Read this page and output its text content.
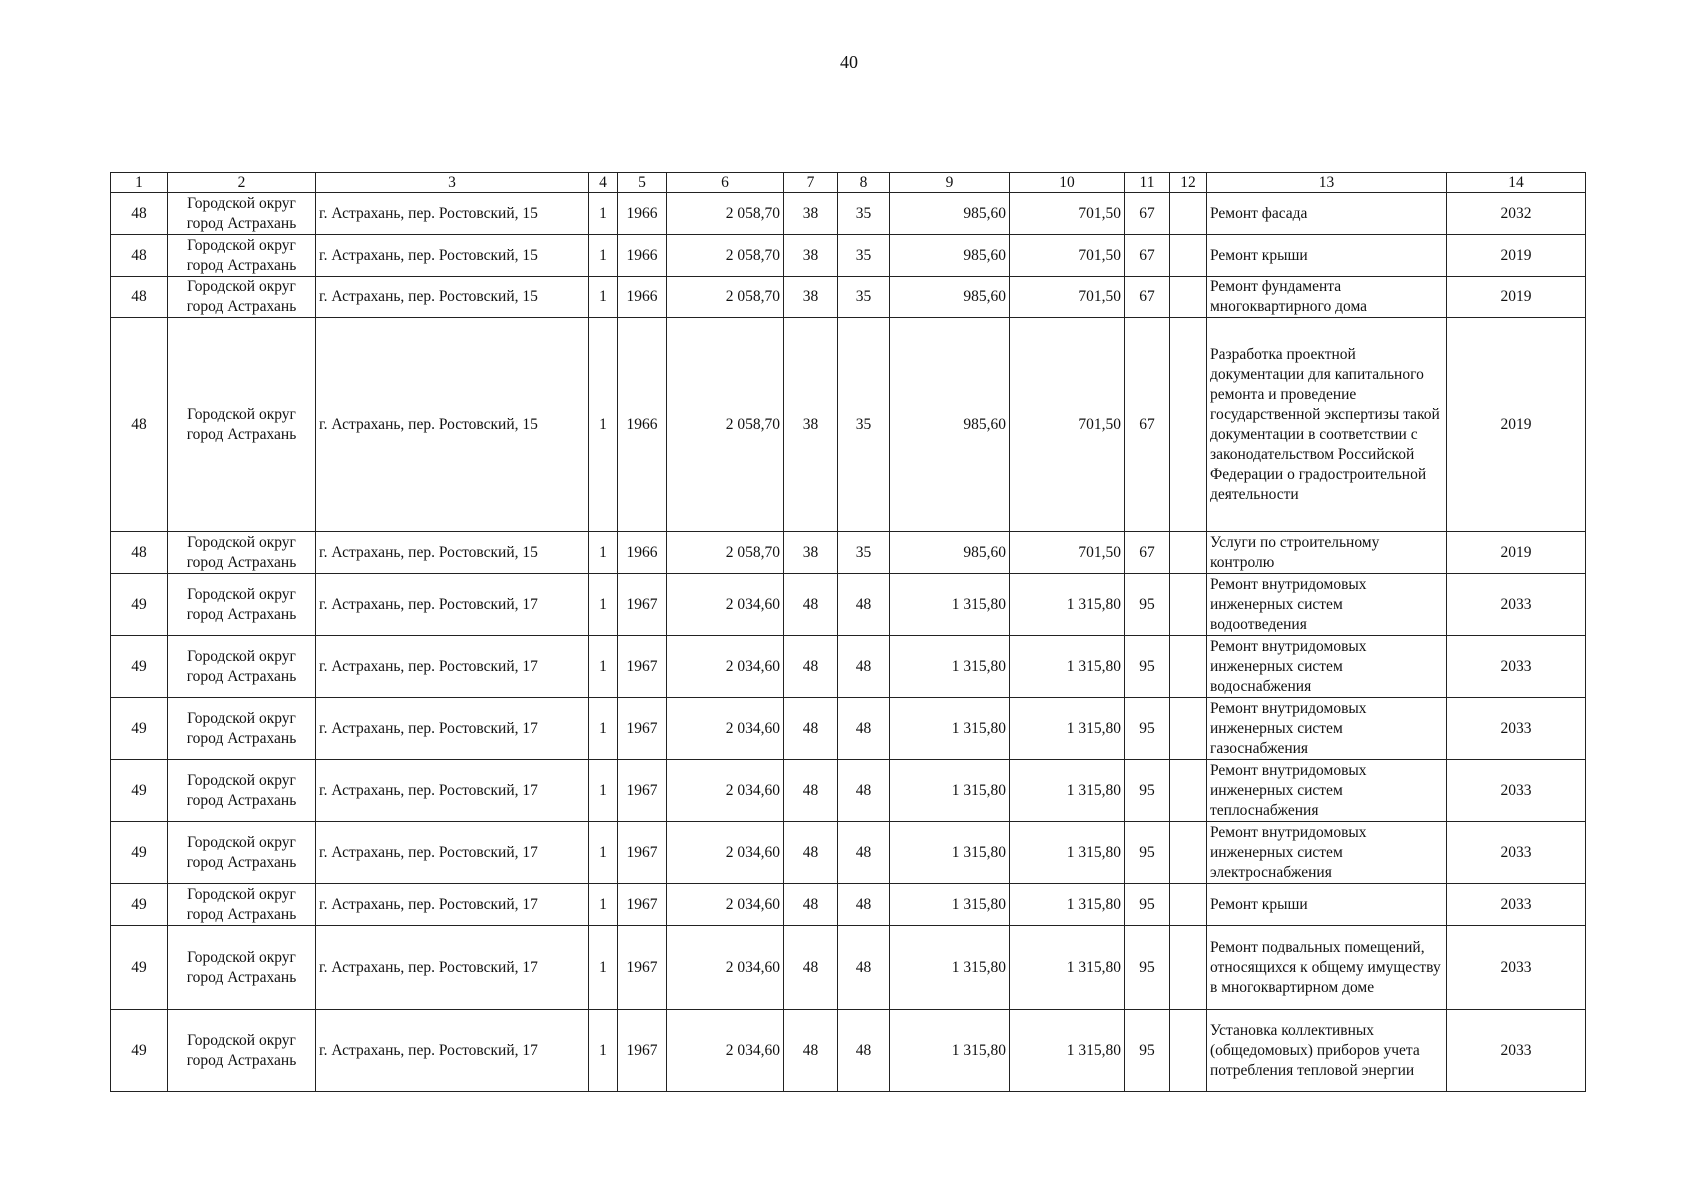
40
1	2	3	4	5	6	7	8	9	10	11	12	13	14
48	Городской округ город Астрахань	г. Астрахань, пер. Ростовский, 15	1	1966	2 058,70	38	35	985,60	701,50	67		Ремонт фасада	2032
48	Городской округ город Астрахань	г. Астрахань, пер. Ростовский, 15	1	1966	2 058,70	38	35	985,60	701,50	67		Ремонт крыши	2019
48	Городской округ город Астрахань	г. Астрахань, пер. Ростовский, 15	1	1966	2 058,70	38	35	985,60	701,50	67		Ремонт фундамента многоквартирного дома	2019
48	Городской округ город Астрахань	г. Астрахань, пер. Ростовский, 15	1	1966	2 058,70	38	35	985,60	701,50	67		Разработка проектной документации для капитального ремонта и проведение государственной экспертизы такой документации в соответствии с законодательством Российской Федерации о градостроительной деятельности	2019
48	Городской округ город Астрахань	г. Астрахань, пер. Ростовский, 15	1	1966	2 058,70	38	35	985,60	701,50	67		Услуги по строительному контролю	2019
49	Городской округ город Астрахань	г. Астрахань, пер. Ростовский, 17	1	1967	2 034,60	48	48	1 315,80	1 315,80	95		Ремонт внутридомовых инженерных систем водоотведения	2033
49	Городской округ город Астрахань	г. Астрахань, пер. Ростовский, 17	1	1967	2 034,60	48	48	1 315,80	1 315,80	95		Ремонт внутридомовых инженерных систем водоснабжения	2033
49	Городской округ город Астрахань	г. Астрахань, пер. Ростовский, 17	1	1967	2 034,60	48	48	1 315,80	1 315,80	95		Ремонт внутридомовых инженерных систем газоснабжения	2033
49	Городской округ город Астрахань	г. Астрахань, пер. Ростовский, 17	1	1967	2 034,60	48	48	1 315,80	1 315,80	95		Ремонт внутридомовых инженерных систем теплоснабжения	2033
49	Городской округ город Астрахань	г. Астрахань, пер. Ростовский, 17	1	1967	2 034,60	48	48	1 315,80	1 315,80	95		Ремонт внутридомовых инженерных систем электроснабжения	2033
49	Городской округ город Астрахань	г. Астрахань, пер. Ростовский, 17	1	1967	2 034,60	48	48	1 315,80	1 315,80	95		Ремонт крыши	2033
49	Городской округ город Астрахань	г. Астрахань, пер. Ростовский, 17	1	1967	2 034,60	48	48	1 315,80	1 315,80	95		Ремонт подвальных помещений, относящихся к общему имуществу в многоквартирном доме	2033
49	Городской округ город Астрахань	г. Астрахань, пер. Ростовский, 17	1	1967	2 034,60	48	48	1 315,80	1 315,80	95		Установка коллективных (общедомовых) приборов учета потребления тепловой энергии	2033
